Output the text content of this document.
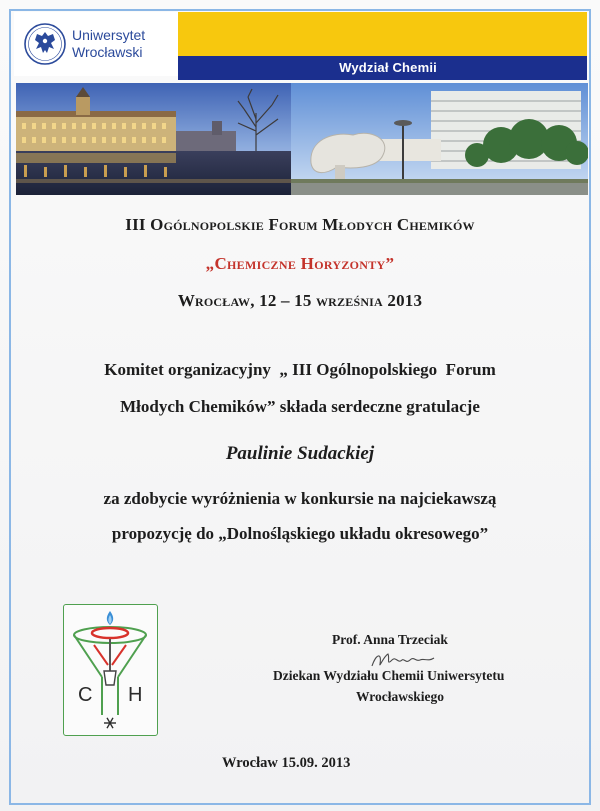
Uniwersytet
Wrocławski
Wydział Chemii
III Ogólnopolskie Forum Młodych Chemików
„Chemiczne Horyzonty”
Wrocław, 12 – 15 września 2013
Komitet organizacyjny  „ III Ogólnopolskiego  Forum
Młodych Chemików” składa serdeczne gratulacje
Paulinie Sudackiej
za zdobycie wyróżnienia w konkursie na najciekawszą
propozycję do „Dolnośląskiego układu okresowego”
C H
Prof. Anna Trzeciak
Dziekan Wydziału Chemii Uniwersytetu
Wrocławskiego
Wrocław 15.09. 2013
